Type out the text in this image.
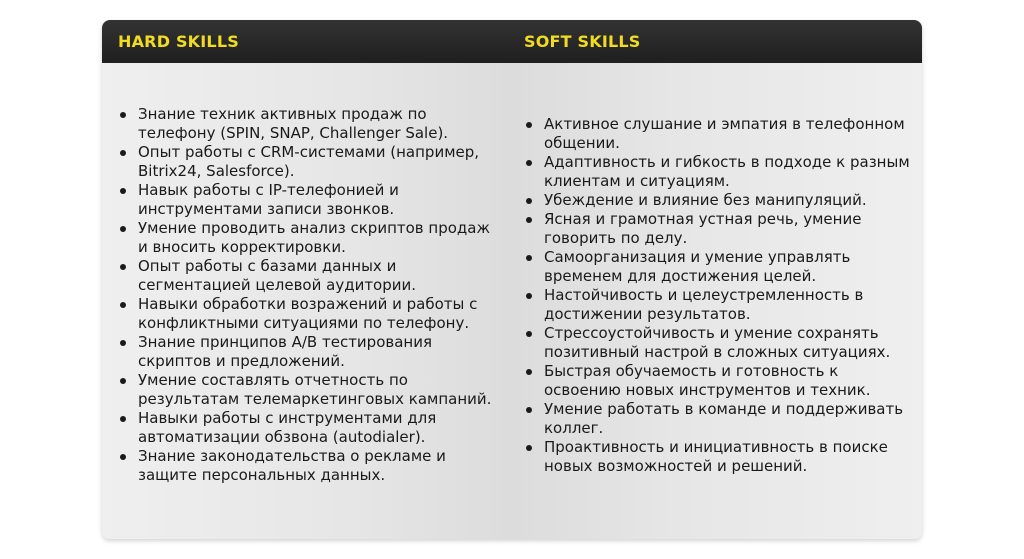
HARD SKILLS	SOFT SKILLS
Знание техник активных продаж по телефону (SPIN, SNAP, Challenger Sale).
Опыт работы с CRM-системами (например, Bitrix24, Salesforce).
Навык работы с IP-телефонией и инструментами записи звонков.
Умение проводить анализ скриптов продаж и вносить корректировки.
Опыт работы с базами данных и сегментацией целевой аудитории.
Навыки обработки возражений и работы с конфликтными ситуациями по телефону.
Знание принципов A/B тестирования скриптов и предложений.
Умение составлять отчетность по результатам телемаркетинговых кампаний.
Навыки работы с инструментами для автоматизации обзвона (autodialer).
Знание законодательства о рекламе и защите персональных данных.
Активное слушание и эмпатия в телефонном общении.
Адаптивность и гибкость в подходе к разным клиентам и ситуациям.
Убеждение и влияние без манипуляций.
Ясная и грамотная устная речь, умение говорить по делу.
Самоорганизация и умение управлять временем для достижения целей.
Настойчивость и целеустремленность в достижении результатов.
Стрессоустойчивость и умение сохранять позитивный настрой в сложных ситуациях.
Быстрая обучаемость и готовность к освоению новых инструментов и техник.
Умение работать в команде и поддерживать коллег.
Проактивность и инициативность в поиске новых возможностей и решений.
